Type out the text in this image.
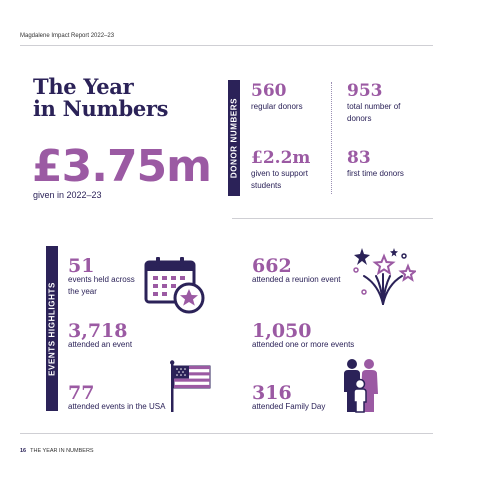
Magdalene Impact Report 2022–23
The Year
in Numbers
£3.75m
given in 2022–23
DONOR NUMBERS
560
regular donors
953
total number of donors
£2.2m
given to support students
83
first time donors
EVENTS HIGHLIGHTS
51
events held across the year
662
attended a reunion event
3,718
attended an event
1,050
attended one or more events
77
attended events in the USA
316
attended Family Day
16 THE YEAR IN NUMBERS
